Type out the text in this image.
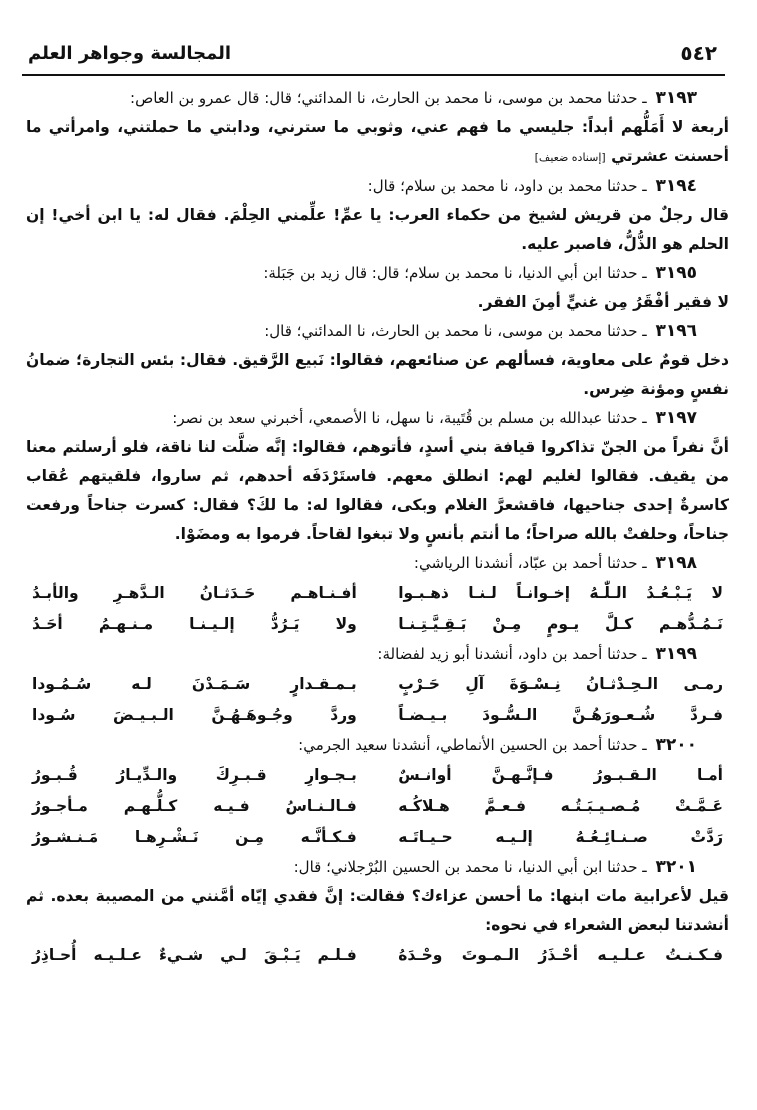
٥٤٢
المجالسة وجواهر العلم

٣١٩٣ ـ حدثنا محمد بن موسى، نا محمد بن الحارث، نا المدائني؛ قال: قال عمرو بن العاص:

أربعة لا أَمَلُّهم أبداً: جليسي ما فهم عني، وثوبي ما سترني، ودابتي ما حملتني، وامرأتي ما أحسنت عشرتي [إسناده ضعيف]

٣١٩٤ ـ حدثنا محمد بن داود، نا محمد بن سلام؛ قال:

قال رجلٌ من قريش لشيخ من حكماء العرب: يا عمِّ! علِّمني الحِلْمَ. فقال له: يا ابن أخي! إن الحلم هو الذُّلُّ، فاصبر عليه.

٣١٩٥ ـ حدثنا ابن أبي الدنيا، نا محمد بن سلام؛ قال: قال زيد بن جَبَلة:

لا فقير أفْقَرُ مِن غنيٍّ أمِنَ الفقر.

٣١٩٦ ـ حدثنا محمد بن موسى، نا محمد بن الحارث، نا المدائني؛ قال:

دخل قومٌ على معاوية، فسألهم عن صنائعهم، فقالوا: نَبيع الرَّقيق. فقال: بئس التجارة؛ ضمانُ نفسٍ ومؤنة ضِرس.

٣١٩٧ ـ حدثنا عبدالله بن مسلم بن قُتَيبة، نا سهل، نا الأصمعي، أخبرني سعد بن نصر:

أنَّ نفراً من الجنّ تذاكروا قيافة بني أسدٍ، فأتوهم، فقالوا: إنَّه ضلَّت لنا ناقة، فلو أرسلتم معنا من يقيف. فقالوا لغليم لهم: انطلق معهم. فاستَرْدَفَه أحدهم، ثم ساروا، فلقيتهم عُقاب كاسرةٌ إحدى جناحيها، فاقشعرَّ الغلام وبكى، فقالوا له: ما لكَ؟ فقال: كسرت جناحاً ورفعت جناحاً، وحلفتْ بالله صراحاً؛ ما أنتم بأنسٍ ولا تبغوا لقاحاً. فرموا به ومضَوْا.

٣١٩٨ ـ حدثنا أحمد بن عبّاد، أنشدنا الرياشي:

لا يَـبْـعُـدُ الـلّٰـهُ إخـوانـاً لـنـا ذهـبـوا
أفـنـاهـم حَـدَثـانُ الـدَّهـرِ والأبـدُ
نَـمُـدُّهـم كـلَّ يـومٍ مِـنْ بَـقِـيَّـتِـنـا
ولا يَـرُدُّ إلـيـنـا مـنـهـمُ أحَـدُ

٣١٩٩ ـ حدثنا أحمد بن داود، أنشدنا أبو زيد لفضالة:

رمـى الـحِـدْثـانُ نِـسْـوَةَ آلِ حَـرْبٍ
بـمـقـدارٍ سَـمَـدْنَ لـه سُـمُـودا
فـردَّ شُـعـورَهُـنَّ الـسُّـودَ بـيـضـاً
وردَّ وجُـوهَـهُـنَّ الـبـيـضَ سُـودا

٣٢٠٠ ـ حدثنا أحمد بن الحسين الأنماطي، أنشدنا سعيد الجرمي:

أمـا الـقـبـورُ فـإنَّـهـنَّ أوانـسٌ
بـجـوارِ قـبـرِكَ والـدِّيـارُ قُـبـورُ
عَـمَّـتْ مُـصـيـبَـتُـه فـعـمَّ هـلاكُـه
فـالـنـاسُ فـيـه كـلُّـهـم مـأجـورُ
رَدَّتْ صـنـائِـعُـهُ إلـيـه حـيـاتَـه
فـكـأنَّـه مِـن نَـشْـرِهـا مَـنـشـورُ

٣٢٠١ ـ حدثنا ابن أبي الدنيا، نا محمد بن الحسين البُرْجلاني؛ قال:

قيل لأعرابية مات ابنها: ما أحسن عزاءك؟ فقالت: إنَّ فقدي إيّاه أمَّنني من المصيبة بعده. ثم أنشدتنا لبعض الشعراء في نحوه:

فـكـنـتُ عـلـيـه أحْـذَرُ الـمـوتَ وحْـدَهُ
فـلـم يَـبْـقَ لـي شـيءٌ عـلـيـه أُحـاذِرُ
